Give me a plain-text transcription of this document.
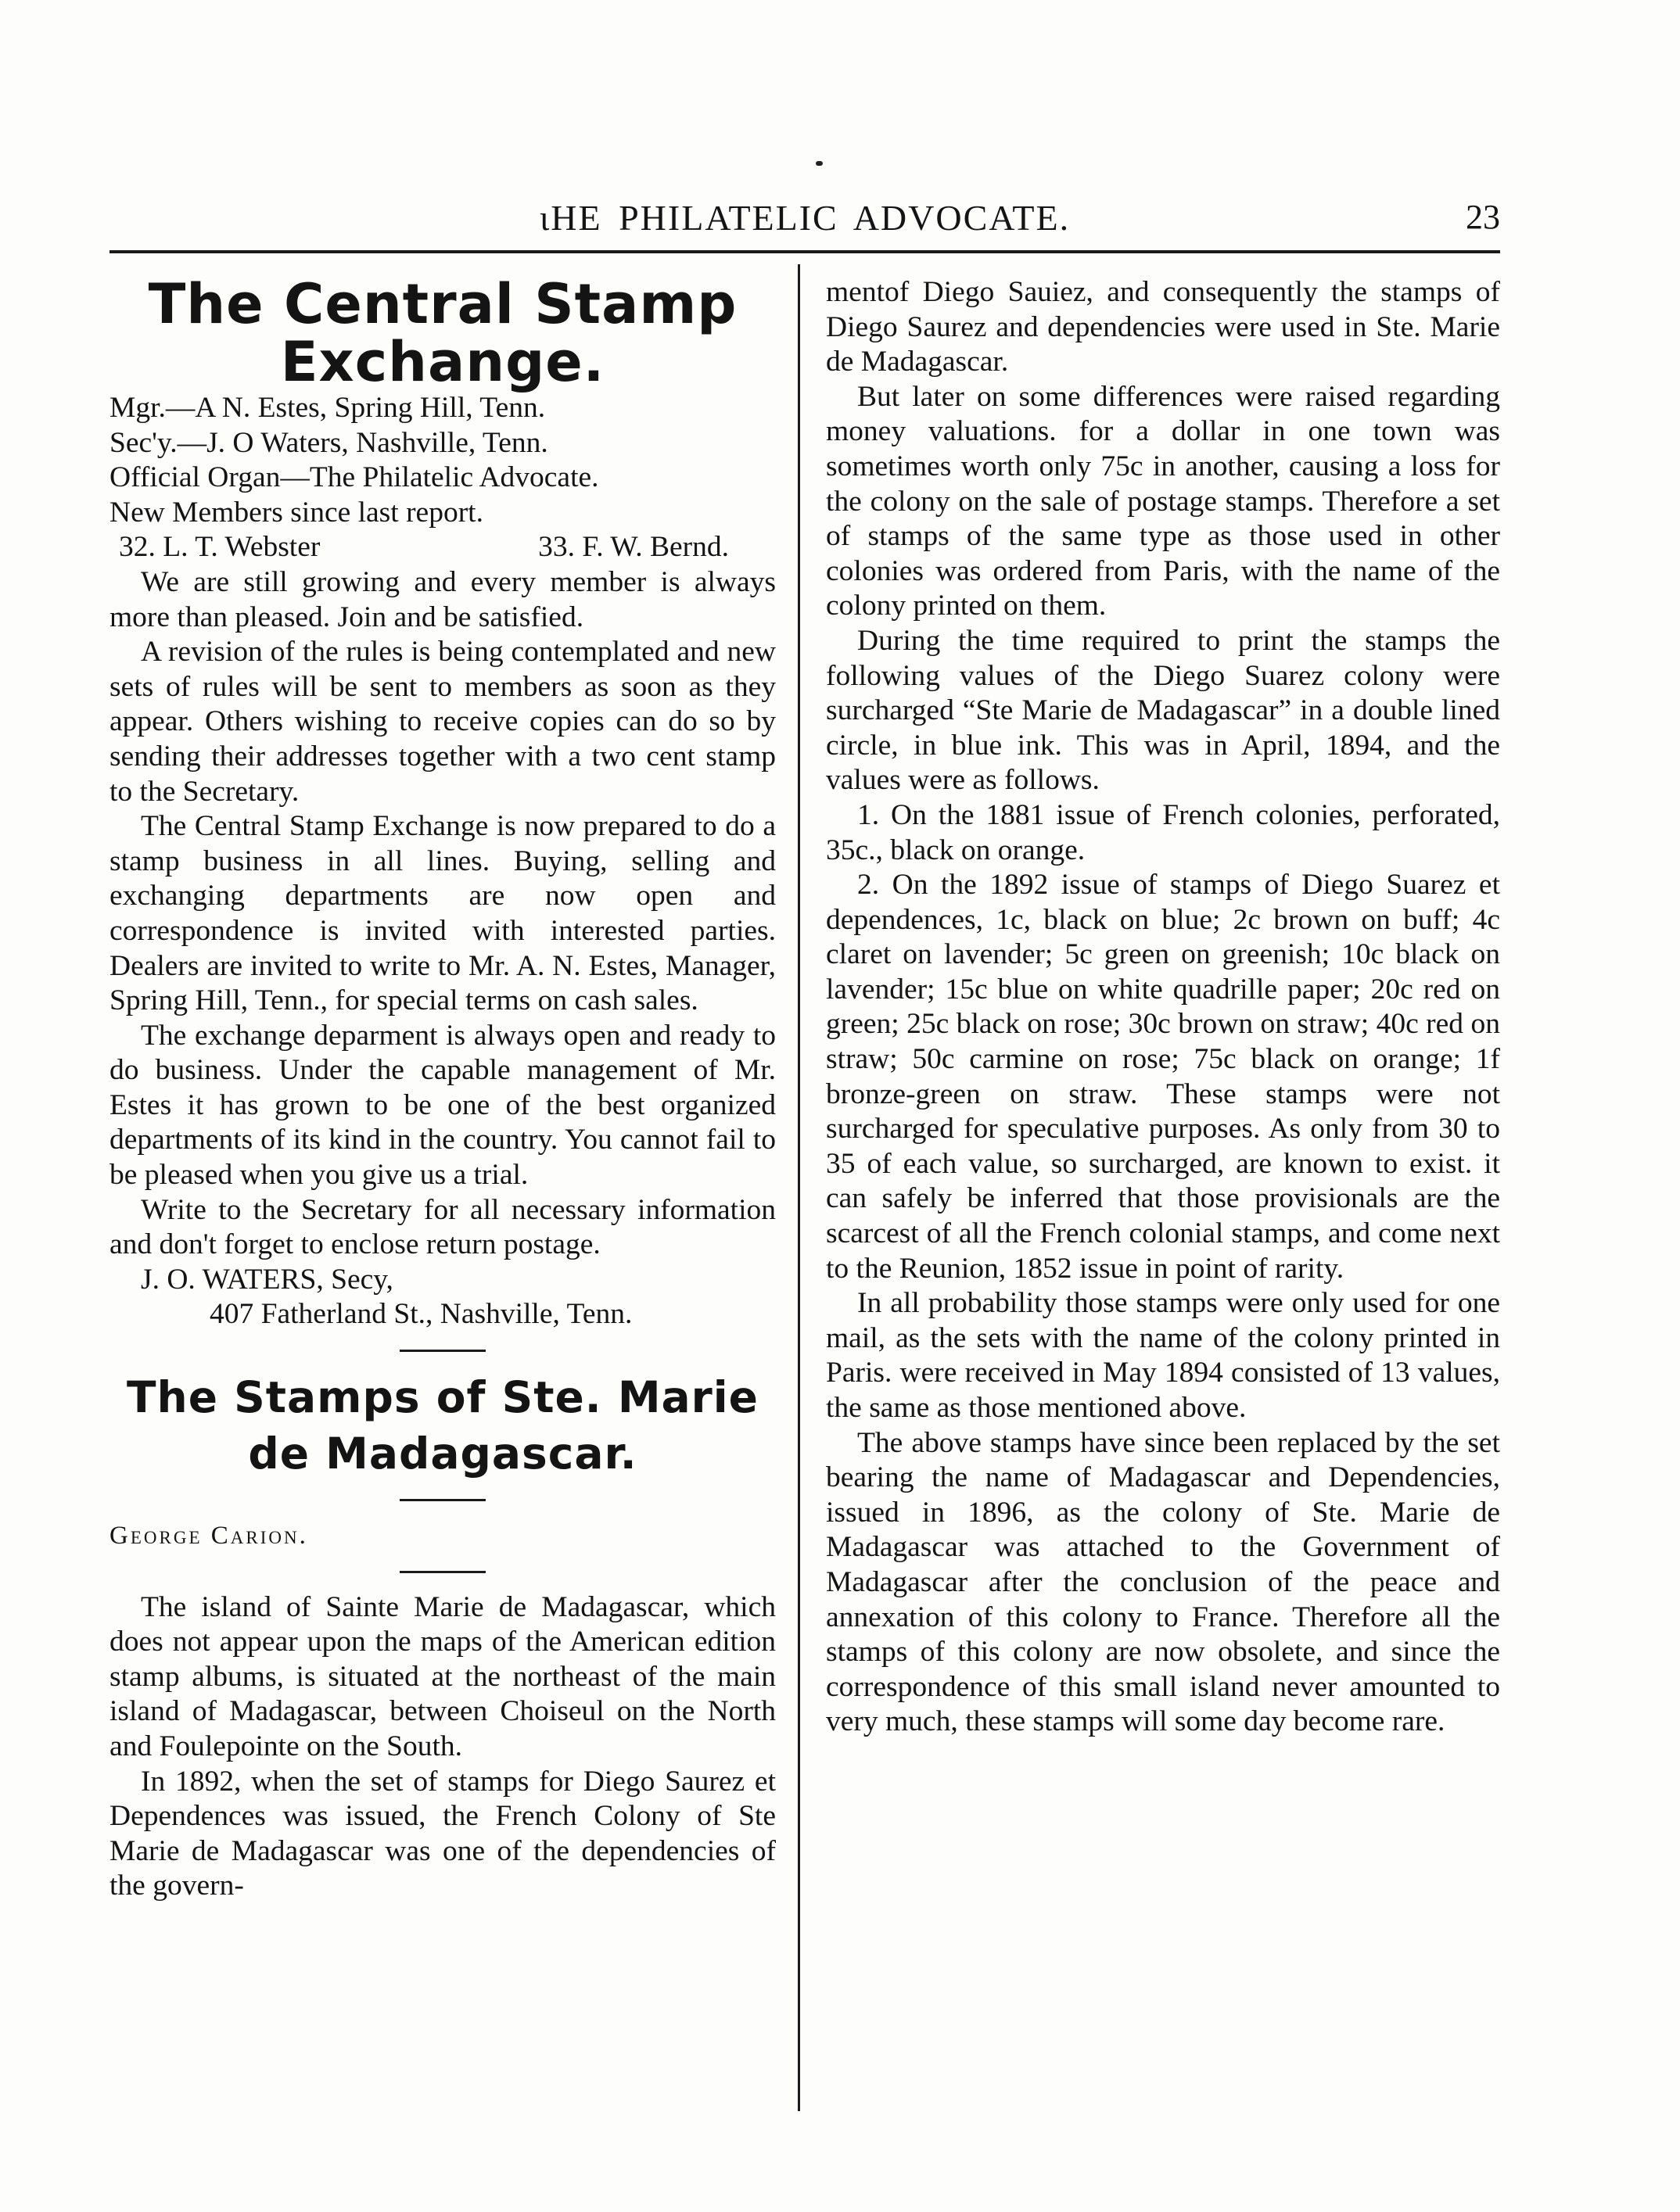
ɩHE PHILATELIC ADVOCATE.	23
The Central Stamp Exchange.

Mgr.—A N. Estes, Spring Hill, Tenn.

Sec'y.—J. O Waters, Nashville, Tenn.

Official Organ—The Philatelic Advocate.

New Members since last report.

32. L. T. Webster	33. F. W. Bernd.

We are still growing and every member is always more than pleased. Join and be satisfied.

A revision of the rules is being contemplated and new sets of rules will be sent to members as soon as they appear. Others wishing to receive copies can do so by sending their addresses together with a two cent stamp to the Secretary.

The Central Stamp Exchange is now prepared to do a stamp business in all lines. Buying, selling and exchanging departments are now open and correspondence is invited with interested parties. Dealers are invited to write to Mr. A. N. Estes, Manager, Spring Hill, Tenn., for special terms on cash sales.

The exchange deparment is always open and ready to do business. Under the capable management of Mr. Estes it has grown to be one of the best organized departments of its kind in the country. You cannot fail to be pleased when you give us a trial.

Write to the Secretary for all necessary information and don't forget to enclose return postage.

J. O. WATERS, Secy,

407 Fatherland St., Nashville, Tenn.

The Stamps of Ste. Marie de Madagascar.

George Carion.

The island of Sainte Marie de Madagascar, which does not appear upon the maps of the American edition stamp albums, is situated at the northeast of the main island of Madagascar, between Choiseul on the North and Foulepointe on the South.

In 1892, when the set of stamps for Diego Saurez et Dependences was issued, the French Colony of Ste Marie de Madagascar was one of the dependencies of the govern-

mentof Diego Sauiez, and consequently the stamps of Diego Saurez and dependencies were used in Ste. Marie de Madagascar.

But later on some differences were raised regarding money valuations. for a dollar in one town was sometimes worth only 75c in another, causing a loss for the colony on the sale of postage stamps. Therefore a set of stamps of the same type as those used in other colonies was ordered from Paris, with the name of the colony printed on them.

During the time required to print the stamps the following values of the Diego Suarez colony were surcharged “Ste Marie de Madagascar” in a double lined circle, in blue ink. This was in April, 1894, and the values were as follows.

1. On the 1881 issue of French colonies, perforated, 35c., black on orange.

2. On the 1892 issue of stamps of Diego Suarez et dependences, 1c, black on blue; 2c brown on buff; 4c claret on lavender; 5c green on greenish; 10c black on lavender; 15c blue on white quadrille paper; 20c red on green; 25c black on rose; 30c brown on straw; 40c red on straw; 50c carmine on rose; 75c black on orange; 1f bronze-green on straw. These stamps were not surcharged for speculative purposes. As only from 30 to 35 of each value, so surcharged, are known to exist. it can safely be inferred that those provisionals are the scarcest of all the French colonial stamps, and come next to the Reunion, 1852 issue in point of rarity.

In all probability those stamps were only used for one mail, as the sets with the name of the colony printed in Paris. were received in May 1894 consisted of 13 values, the same as those mentioned above.

The above stamps have since been replaced by the set bearing the name of Madagascar and Dependencies, issued in 1896, as the colony of Ste. Marie de Madagascar was attached to the Government of Madagascar after the conclusion of the peace and annexation of this colony to France. Therefore all the stamps of this colony are now obsolete, and since the correspondence of this small island never amounted to very much, these stamps will some day become rare.
